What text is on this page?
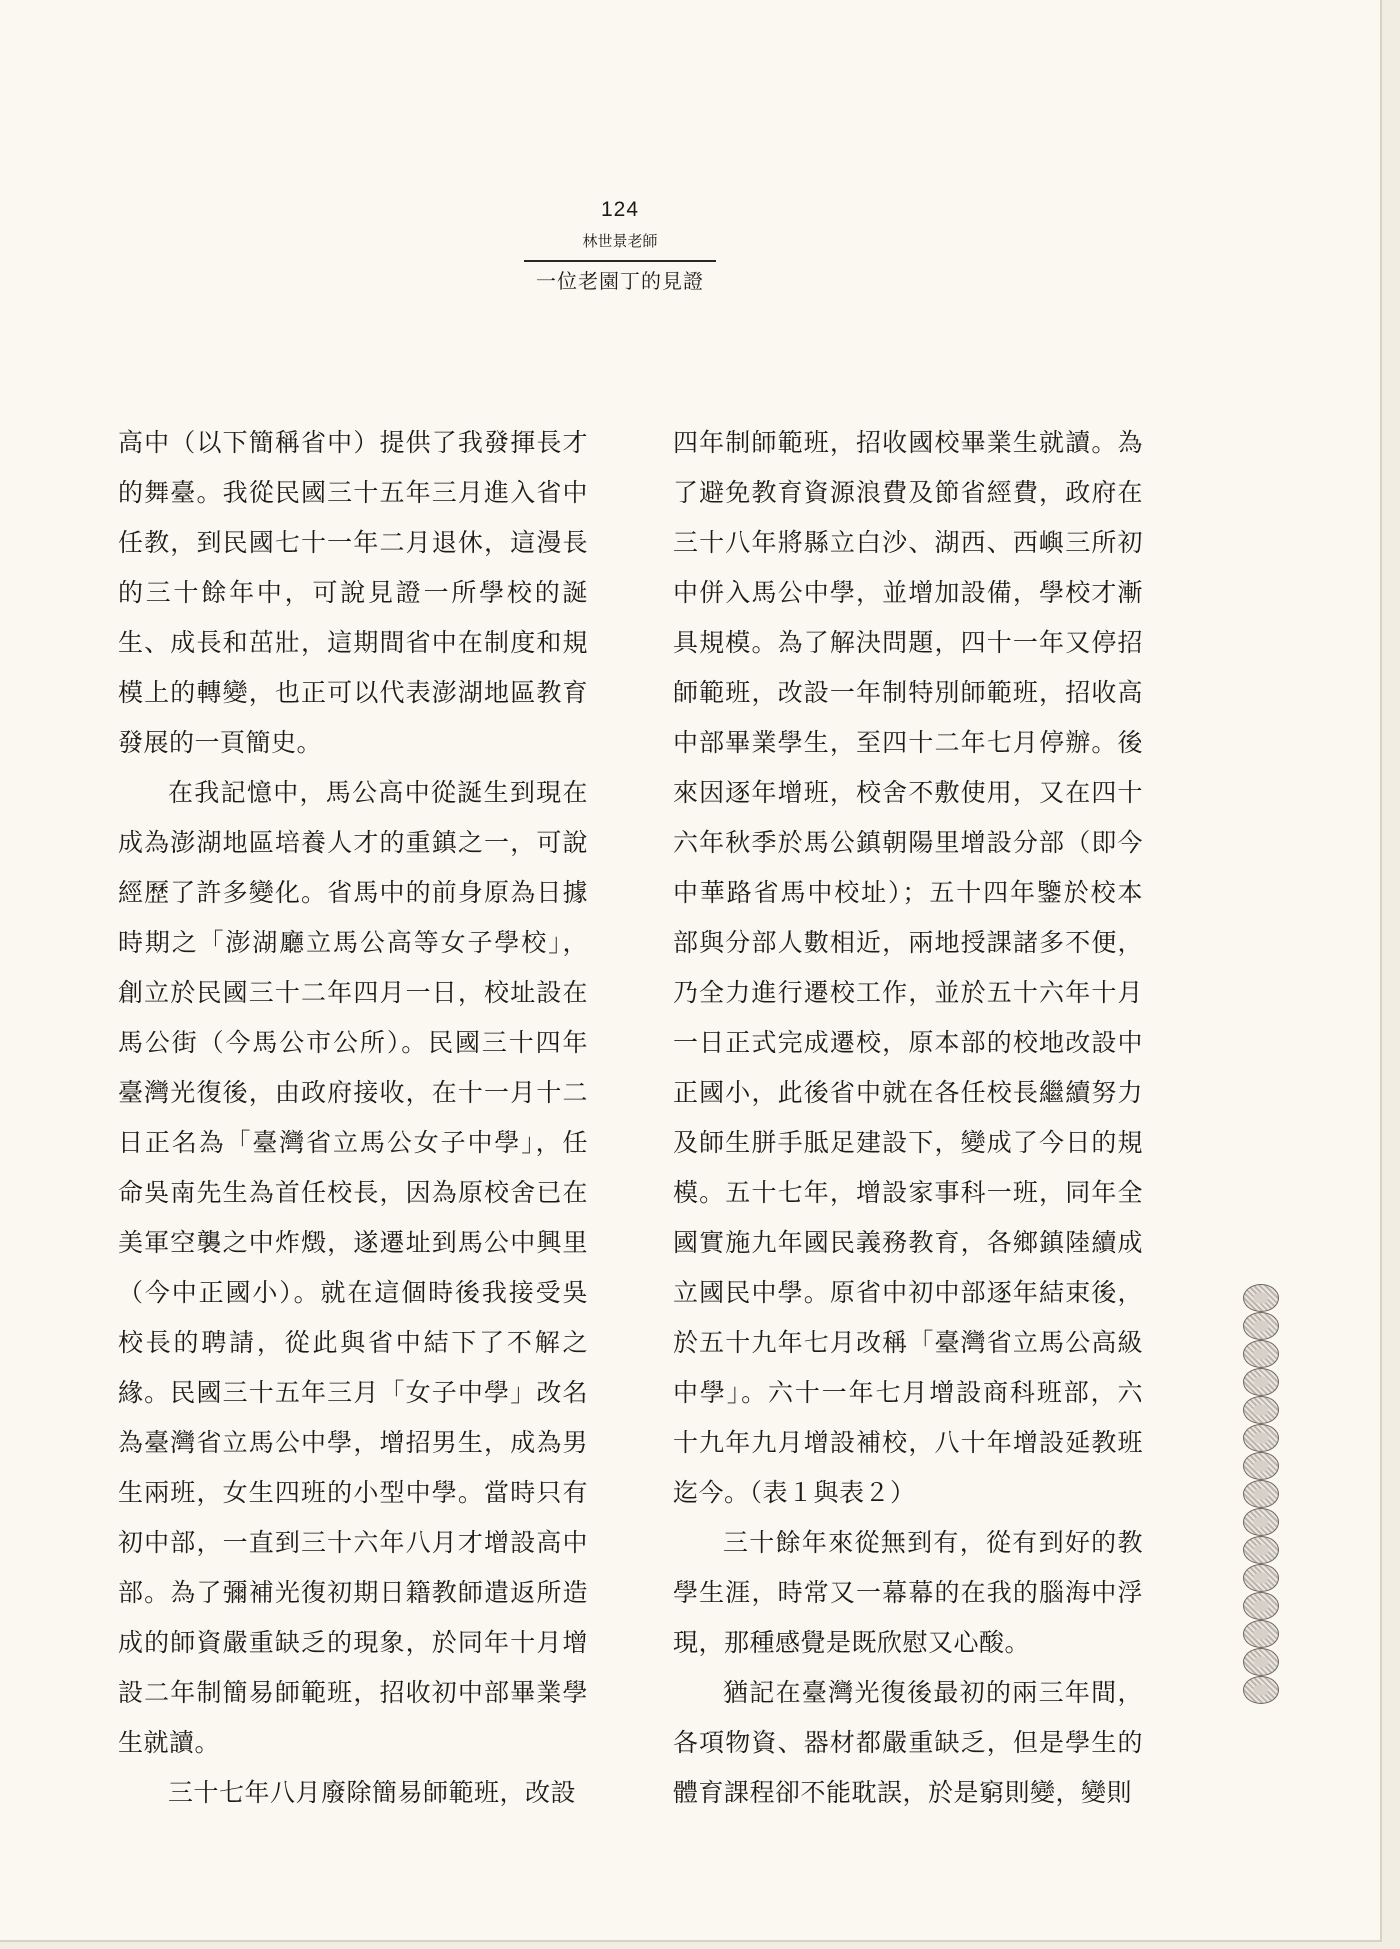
124
林世景老師
一位老園丁的見證

高中（以下簡稱省中）提供了我發揮長才的舞臺。我從民國三十五年三月進入省中任教，到民國七十一年二月退休，這漫長的三十餘年中，可說見證一所學校的誕生、成長和茁壯，這期間省中在制度和規模上的轉變，也正可以代表澎湖地區教育發展的一頁簡史。

在我記憶中，馬公高中從誕生到現在成為澎湖地區培養人才的重鎮之一，可說經歷了許多變化。省馬中的前身原為日據時期之「澎湖廳立馬公高等女子學校」，創立於民國三十二年四月一日，校址設在馬公街（今馬公市公所）。民國三十四年臺灣光復後，由政府接收，在十一月十二日正名為「臺灣省立馬公女子中學」，任命吳南先生為首任校長，因為原校舍已在美軍空襲之中炸燬，遂遷址到馬公中興里（今中正國小）。就在這個時後我接受吳校長的聘請，從此與省中結下了不解之緣。民國三十五年三月「女子中學」改名為臺灣省立馬公中學，增招男生，成為男生兩班，女生四班的小型中學。當時只有初中部，一直到三十六年八月才增設高中部。為了彌補光復初期日籍教師遣返所造成的師資嚴重缺乏的現象，於同年十月增設二年制簡易師範班，招收初中部畢業學生就讀。

三十七年八月廢除簡易師範班，改設

四年制師範班，招收國校畢業生就讀。為了避免教育資源浪費及節省經費，政府在三十八年將縣立白沙、湖西、西嶼三所初中併入馬公中學，並增加設備，學校才漸具規模。為了解決問題，四十一年又停招師範班，改設一年制特別師範班，招收高中部畢業學生，至四十二年七月停辦。後來因逐年增班，校舍不敷使用，又在四十六年秋季於馬公鎮朝陽里增設分部（即今中華路省馬中校址）；五十四年鑒於校本部與分部人數相近，兩地授課諸多不便，乃全力進行遷校工作，並於五十六年十月一日正式完成遷校，原本部的校地改設中正國小，此後省中就在各任校長繼續努力及師生胼手胝足建設下，變成了今日的規模。五十七年，增設家事科一班，同年全國實施九年國民義務教育，各鄉鎮陸續成立國民中學。原省中初中部逐年結束後，於五十九年七月改稱「臺灣省立馬公高級中學」。六十一年七月增設商科班部，六十九年九月增設補校，八十年增設延教班迄今。（表１與表２）

三十餘年來從無到有，從有到好的教學生涯，時常又一幕幕的在我的腦海中浮現，那種感覺是既欣慰又心酸。

猶記在臺灣光復後最初的兩三年間，各項物資、器材都嚴重缺乏，但是學生的體育課程卻不能耽誤，於是窮則變，變則
